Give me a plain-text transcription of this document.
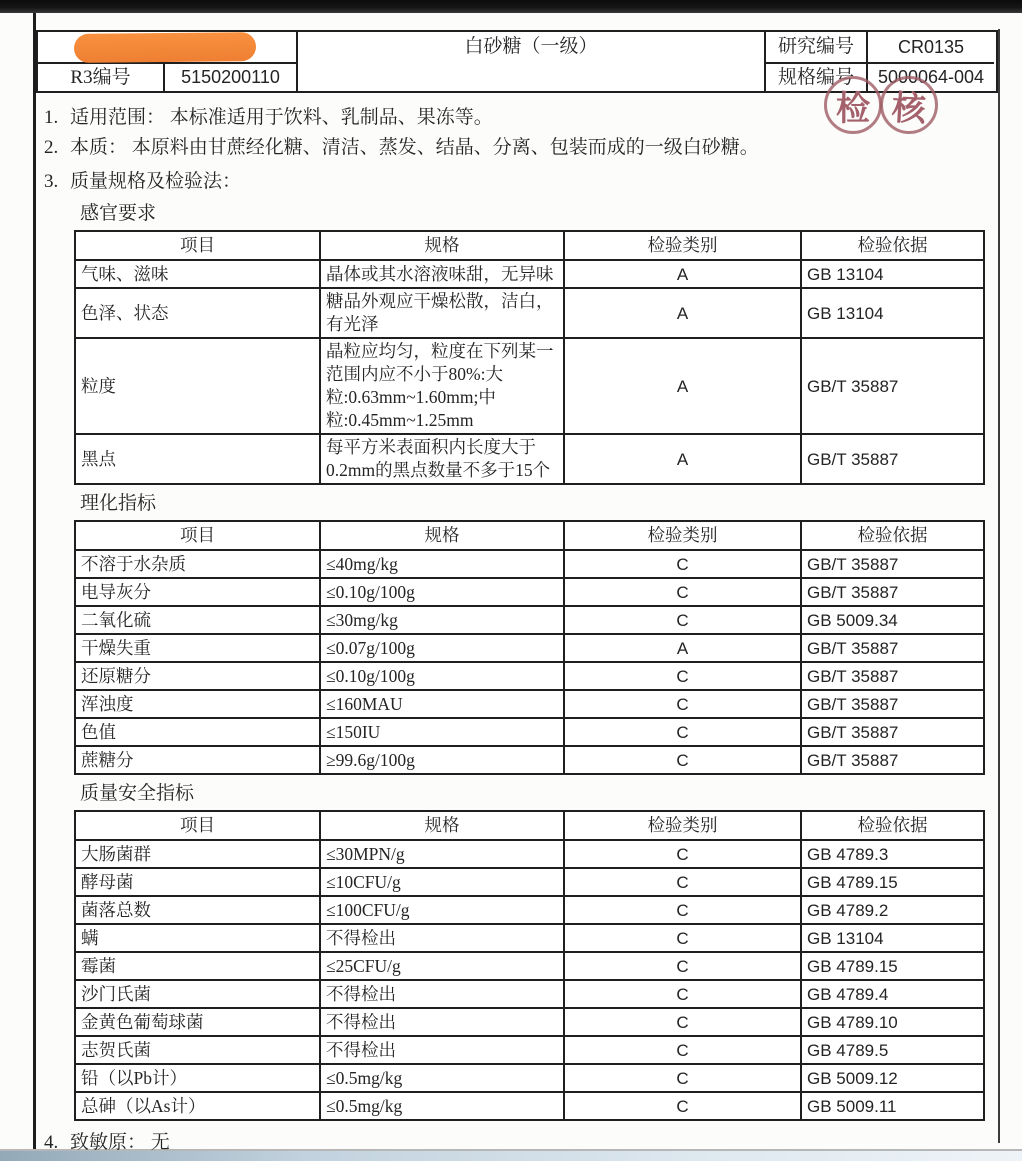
白砂糖（一级）	研究编号	CR0135
R3编号	5150200110	规格编号	5000064-004
1. 适用范围： 本标准适用于饮料、乳制品、果冻等。
2. 本质： 本原料由甘蔗经化糖、清洁、蒸发、结晶、分离、包装而成的一级白砂糖。
3. 质量规格及检验法：
感官要求
项目	规格	检验类别	检验依据
气味、滋味	晶体或其水溶液味甜，无异味	A	GB 13104
色泽、状态	糖品外观应干燥松散，洁白，有光泽	A	GB 13104
粒度	晶粒应均匀，粒度在下列某一范围内应不小于80%:大粒:0.63mm~1.60mm;中粒:0.45mm~1.25mm	A	GB/T 35887
黑点	每平方米表面积内长度大于0.2mm的黑点数量不多于15个	A	GB/T 35887
理化指标
项目	规格	检验类别	检验依据
不溶于水杂质	≤40mg/kg	C	GB/T 35887
电导灰分	≤0.10g/100g	C	GB/T 35887
二氧化硫	≤30mg/kg	C	GB 5009.34
干燥失重	≤0.07g/100g	A	GB/T 35887
还原糖分	≤0.10g/100g	C	GB/T 35887
浑浊度	≤160MAU	C	GB/T 35887
色值	≤150IU	C	GB/T 35887
蔗糖分	≥99.6g/100g	C	GB/T 35887
质量安全指标
项目	规格	检验类别	检验依据
大肠菌群	≤30MPN/g	C	GB 4789.3
酵母菌	≤10CFU/g	C	GB 4789.15
菌落总数	≤100CFU/g	C	GB 4789.2
螨	不得检出	C	GB 13104
霉菌	≤25CFU/g	C	GB 4789.15
沙门氏菌	不得检出	C	GB 4789.4
金黄色葡萄球菌	不得检出	C	GB 4789.10
志贺氏菌	不得检出	C	GB 4789.5
铅（以Pb计）	≤0.5mg/kg	C	GB 5009.12
总砷（以As计）	≤0.5mg/kg	C	GB 5009.11
4. 致敏原： 无
检 核
